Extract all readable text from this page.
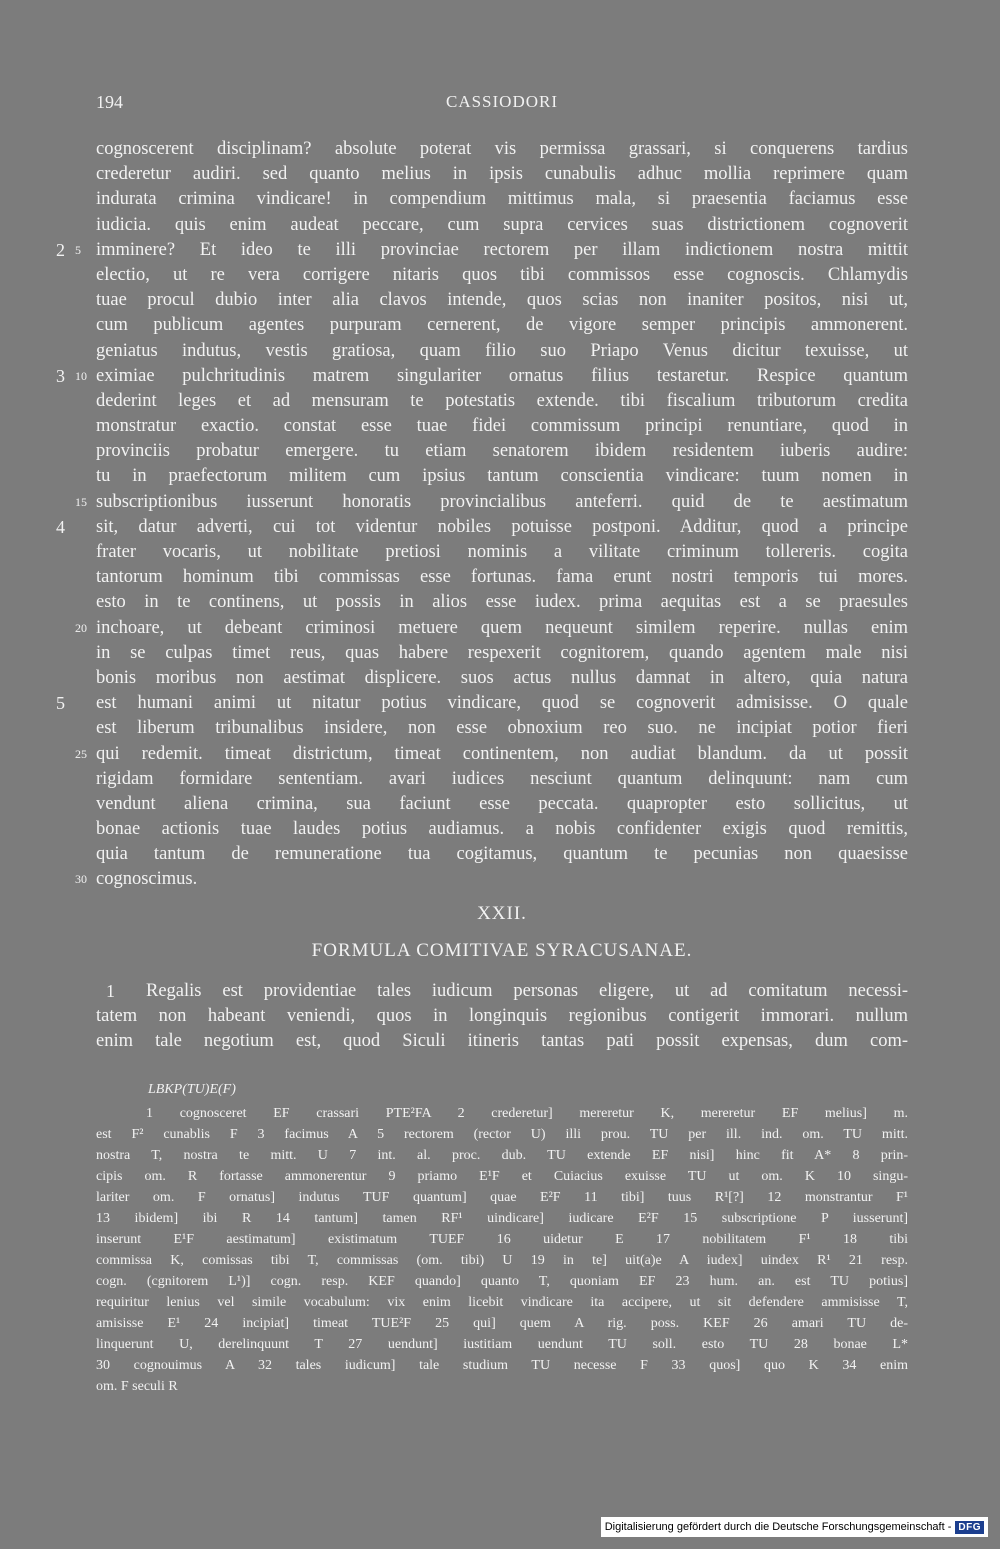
194	CASSIODORI
cognoscerent disciplinam? absolute poterat vis permissa grassari, si conquerens tardius
crederetur audiri. sed quanto melius in ipsis cunabulis adhuc mollia reprimere quam
indurata crimina vindicare! in compendium mittimus mala, si praesentia faciamus esse
iudicia. quis enim audeat peccare, cum supra cervices suas districtionem cognoverit
2 5 imminere? Et ideo te illi provinciae rectorem per illam indictionem nostra mittit
electio, ut re vera corrigere nitaris quos tibi commissos esse cognoscis. Chlamydis
tuae procul dubio inter alia clavos intende, quos scias non inaniter positos, nisi ut,
cum publicum agentes purpuram cernerent, de vigore semper principis ammonerent.
geniatus indutus, vestis gratiosa, quam filio suo Priapo Venus dicitur texuisse, ut
3 10 eximiae pulchritudinis matrem singulariter ornatus filius testaretur. Respice quantum
dederint leges et ad mensuram te potestatis extende. tibi fiscalium tributorum credita
monstratur exactio. constat esse tuae fidei commissum principi renuntiare, quod in
provinciis probatur emergere. tu etiam senatorem ibidem residentem iuberis audire:
tu in praefectorum militem cum ipsius tantum conscientia vindicare: tuum nomen in
15 subscriptionibus iusserunt honoratis provincialibus anteferri. quid de te aestimatum
4 sit, datur adverti, cui tot videntur nobiles potuisse postponi. Additur, quod a principe
frater vocaris, ut nobilitate pretiosi nominis a vilitate criminum tollereris. cogita
tantorum hominum tibi commissas esse fortunas. fama erunt nostri temporis tui mores.
esto in te continens, ut possis in alios esse iudex. prima aequitas est a se praesules
20 inchoare, ut debeant criminosi metuere quem nequeunt similem reperire. nullas enim
in se culpas timet reus, quas habere respexerit cognitorem, quando agentem male nisi
bonis moribus non aestimat displicere. suos actus nullus damnat in altero, quia natura
5 est humani animi ut nitatur potius vindicare, quod se cognoverit admisisse. O quale
est liberum tribunalibus insidere, non esse obnoxium reo suo. ne incipiat potior fieri
25 qui redemit. timeat districtum, timeat continentem, non audiat blandum. da ut possit
rigidam formidare sententiam. avari iudices nesciunt quantum delinquunt: nam cum
vendunt aliena crimina, sua faciunt esse peccata. quapropter esto sollicitus, ut
bonae actionis tuae laudes potius audiamus. a nobis confidenter exigis quod remittis,
quia tantum de remuneratione tua cogitamus, quantum te pecunias non quaesisse
30 cognoscimus.
XXII.
FORMULA COMITIVAE SYRACUSANAE.
1 Regalis est providentiae tales iudicum personas eligere, ut ad comitatum necessi-
tatem non habeant veniendi, quos in longinquis regionibus contigerit immorari. nullum
enim tale negotium est, quod Siculi itineris tantas pati possit expensas, dum com-
LBKP(TU)E(F)
1 cognosceret EF crassari PTE²FA 2 crederetur] mereretur K, mereretur EF melius] m.
est F² cunablis F 3 facimus A 5 rectorem (rector U) illi prou. TU per ill. ind. om. TU mitt.
nostra T, nostra te mitt. U 7 int. al. proc. dub. TU extende EF nisi] hinc fit A* 8 prin-
cipis om. R fortasse ammonerentur 9 priamo E¹F et Cuiacius exuisse TU ut om. K 10 singu-
lariter om. F ornatus] indutus TUF quantum] quae E²F 11 tibi] tuus R¹[?] 12 monstrantur F¹
13 ibidem] ibi R 14 tantum] tamen RF¹ uindicare] iudicare E²F 15 subscriptione P iusserunt]
inserunt E¹F aestimatum] existimatum TUEF 16 uidetur E 17 nobilitatem F¹ 18 tibi
commissa K, comissas tibi T, commissas (om. tibi) U 19 in te] uit(a)e A iudex] uindex R¹ 21 resp.
cogn. (cgnitorem L¹)] cogn. resp. KEF quando] quanto T, quoniam EF 23 hum. an. est TU potius]
requiritur lenius vel simile vocabulum: vix enim licebit vindicare ita accipere, ut sit defendere ammisisse T,
amisisse E¹ 24 incipiat] timeat TUE²F 25 qui] quem A rig. poss. KEF 26 amari TU de-
linquerunt U, derelinquunt T 27 uendunt] iustitiam uendunt TU soll. esto TU 28 bonae L*
30 cognouimus A 32 tales iudicum] tale studium TU necesse F 33 quos] quo K 34 enim
om. F seculi R
Digitalisierung gefördert durch die Deutsche Forschungsgemeinschaft - DFG
